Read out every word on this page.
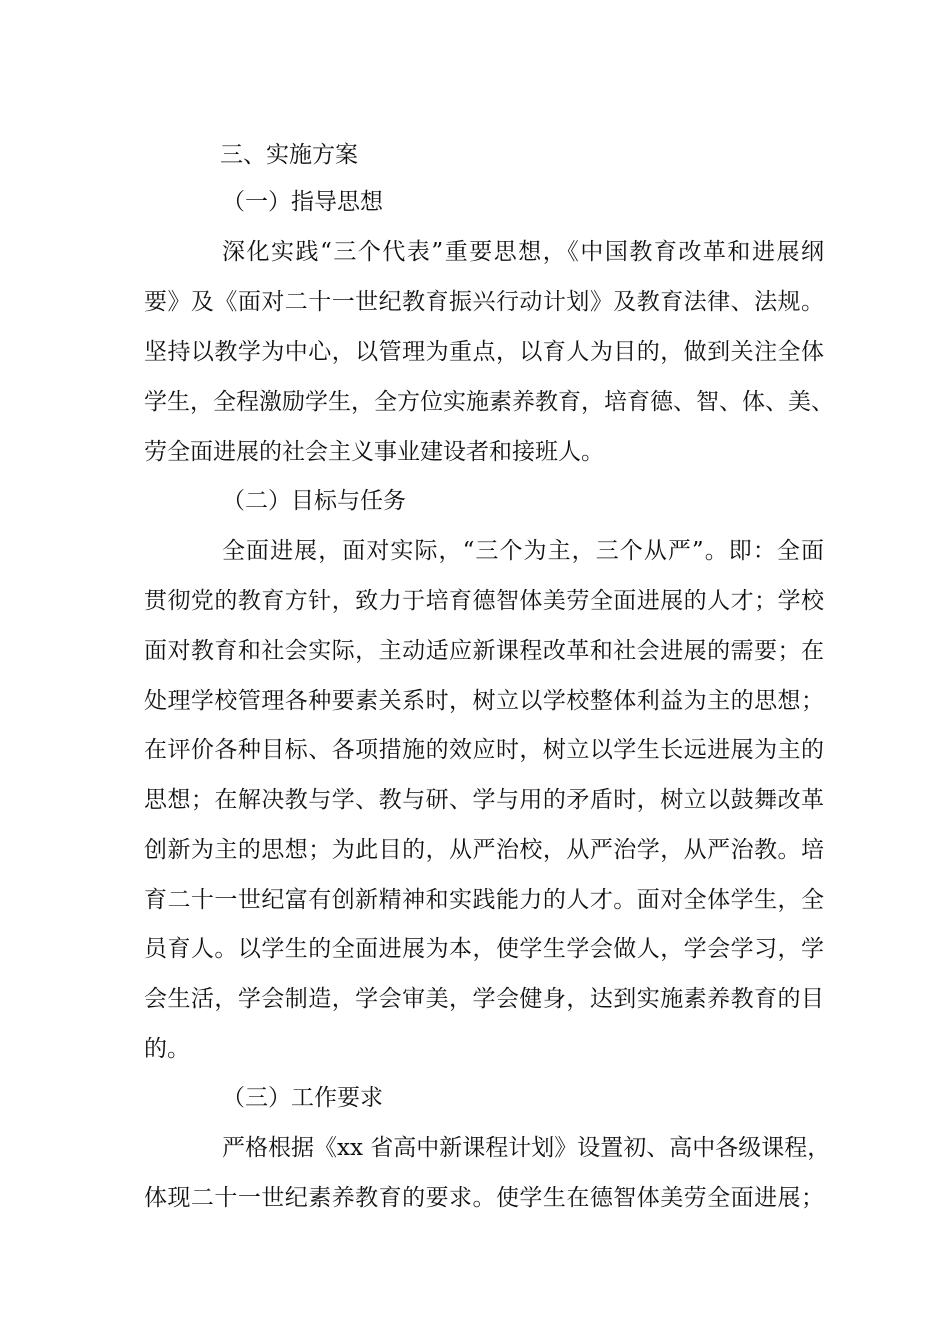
三、实施方案
（一）指导思想
深化实践“三个代表”重要思想，《中国教育改革和进展纲
要》及《面对二十一世纪教育振兴行动计划》及教育法律、法规。
坚持以教学为中心，以管理为重点，以育人为目的，做到关注全体
学生，全程激励学生，全方位实施素养教育，培育德、智、体、美、
劳全面进展的社会主义事业建设者和接班人。
（二）目标与任务
全面进展，面对实际，“三个为主，三个从严”。即：全面
贯彻党的教育方针，致力于培育德智体美劳全面进展的人才；学校
面对教育和社会实际，主动适应新课程改革和社会进展的需要；在
处理学校管理各种要素关系时，树立以学校整体利益为主的思想；
在评价各种目标、各项措施的效应时，树立以学生长远进展为主的
思想；在解决教与学、教与研、学与用的矛盾时，树立以鼓舞改革
创新为主的思想；为此目的，从严治校，从严治学，从严治教。培
育二十一世纪富有创新精神和实践能力的人才。面对全体学生，全
员育人。以学生的全面进展为本，使学生学会做人，学会学习，学
会生活，学会制造，学会审美，学会健身，达到实施素养教育的目
的。
（三）工作要求
严格根据《xx 省高中新课程计划》设置初、高中各级课程，
体现二十一世纪素养教育的要求。使学生在德智体美劳全面进展；
